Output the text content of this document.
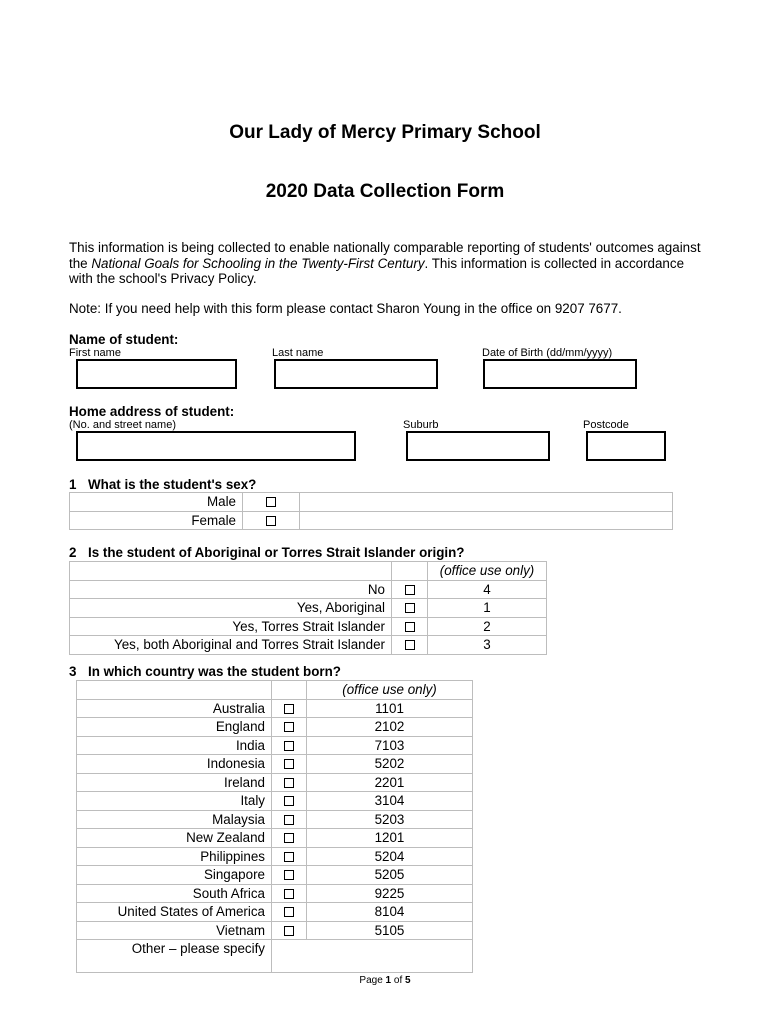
Our Lady of Mercy Primary School
2020 Data Collection Form
This information is being collected to enable nationally comparable reporting of students' outcomes against the National Goals for Schooling in the Twenty-First Century. This information is collected in accordance with the school's Privacy Policy.
Note: If you need help with this form please contact Sharon Young in the office on 9207 7677.
Name of student:
First name	Last name	Date of Birth (dd/mm/yyyy)
Home address of student:
(No. and street name)	Suburb	Postcode
1 What is the student's sex?
Male		
Female		
2 Is the student of Aboriginal or Torres Strait Islander origin?
		(office use only)
No		4
Yes, Aboriginal		1
Yes, Torres Strait Islander		2
Yes, both Aboriginal and Torres Strait Islander		3
3 In which country was the student born?
		(office use only)
Australia		1101
England		2102
India		7103
Indonesia		5202
Ireland		2201
Italy		3104
Malaysia		5203
New Zealand		1201
Philippines		5204
Singapore		5205
South Africa		9225
United States of America		8104
Vietnam		5105
Other – please specify		
Page 1 of 5
